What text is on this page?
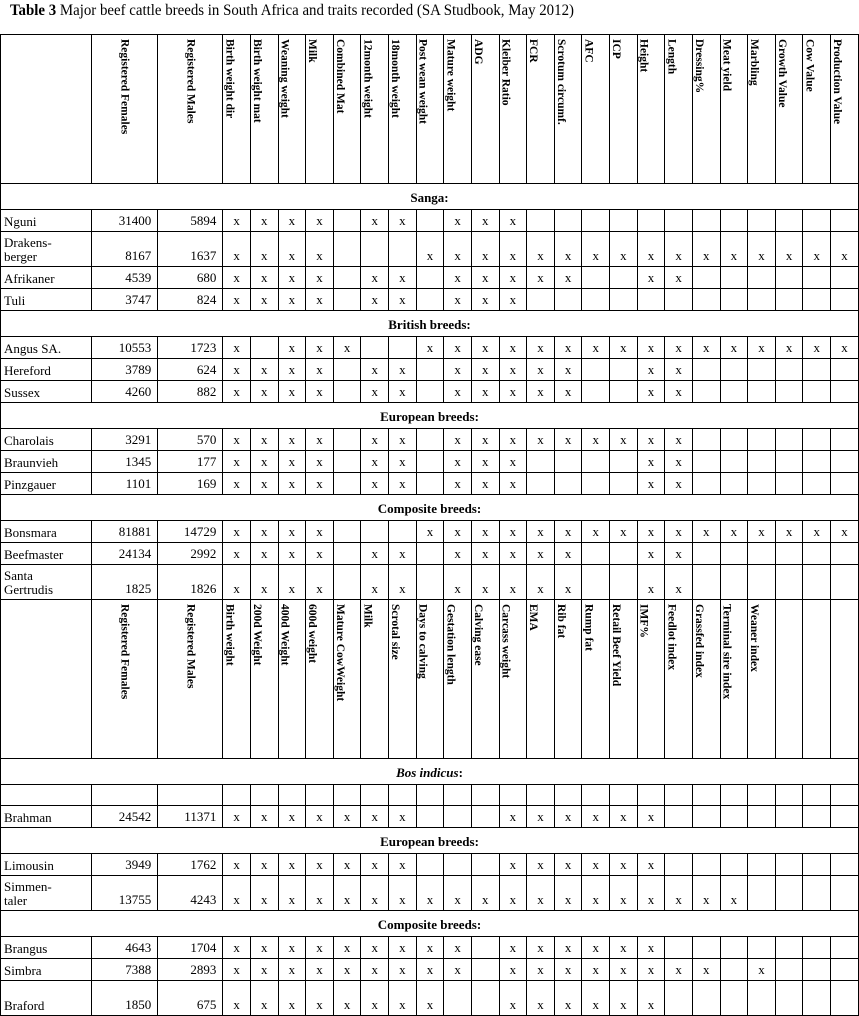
Table 3 Major beef cattle breeds in South Africa and traits recorded (SA Studbook, May 2012)
	Registered Females	Registered Males	Birth weight dir	Birth weight mat	Weaning weight	Milk	Combined Mat	12month weight	18month weight	Post wean weight	Mature weight	ADG	Kleiber Ratio	FCR	Scrotum circumf.	AFC	ICP	Height	Length	Dressing%	Meat yield	Marbling	Growth Value	Cow Value	Production Value
Sanga:																									
Nguni	31400	5894	x	x	x	x		x	x		x	x	x												
Drakens-
berger	8167	1637	x	x	x	x				x	x	x	x	x	x	x	x	x	x	x	x	x	x	x	x
Afrikaner	4539	680	x	x	x	x		x	x		x	x	x	x	x			x	x						
Tuli	3747	824	x	x	x	x		x	x		x	x	x												
British breeds:																									
Angus SA.	10553	1723	x		x	x	x			x	x	x	x	x	x	x	x	x	x	x	x	x	x	x	x
Hereford	3789	624	x	x	x	x		x	x		x	x	x	x	x			x	x						
Sussex	4260	882	x	x	x	x		x	x		x	x	x	x	x			x	x						
European breeds:																									
Charolais	3291	570	x	x	x	x		x	x		x	x	x	x	x	x	x	x	x						
Braunvieh	1345	177	x	x	x	x		x	x		x	x	x					x	x						
Pinzgauer	1101	169	x	x	x	x		x	x		x	x	x					x	x						
Composite breeds:																									
Bonsmara	81881	14729	x	x	x	x				x	x	x	x	x	x	x	x	x	x	x	x	x	x	x	x
Beefmaster	24134	2992	x	x	x	x		x	x		x	x	x	x	x			x	x						
Santa
Gertrudis	1825	1826	x	x	x	x		x	x		x	x	x	x	x			x	x						
	Registered Females	Registered Males	Birth weight	200d Weight	400d Weight	600d weight	Mature CowWeight	Milk	Scrotal size	Days to calving	Gestation length	Calving ease	Carcass weight	EMA	Rib fat	Rump fat	Retail Beef Yield	IMF%	Feedlot index	Grassfed index	Terminal sire index	Weaner index			
Bos indicus:																									

Brahman	24542	11371	x	x	x	x	x	x	x				x	x	x	x	x	x							
European breeds:																									
Limousin	3949	1762	x	x	x	x	x	x	x				x	x	x	x	x	x							
Simmen-
taler	13755	4243	x	x	x	x	x	x	x	x	x	x	x	x	x	x	x	x	x	x	x				
Composite breeds:																									
Brangus	4643	1704	x	x	x	x	x	x	x	x	x		x	x	x	x	x	x							
Simbra	7388	2893	x	x	x	x	x	x	x	x	x		x	x	x	x	x	x	x	x		x			
Braford	1850	675	x	x	x	x	x	x	x	x			x	x	x	x	x	x							
